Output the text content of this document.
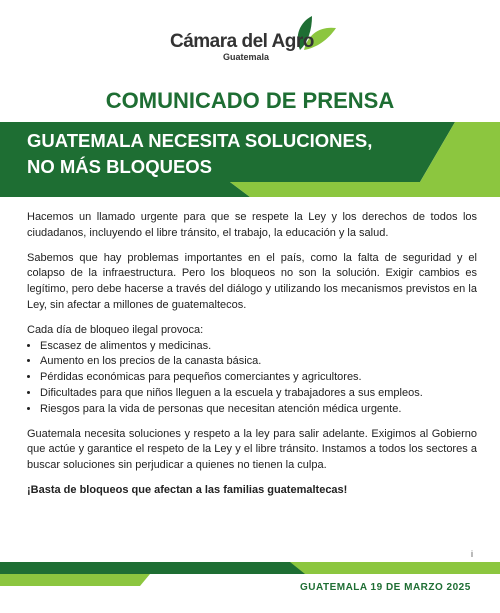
Cámara del Agro
Guatemala
COMUNICADO DE PRENSA
GUATEMALA NECESITA SOLUCIONES,
NO MÁS BLOQUEOS

Hacemos un llamado urgente para que se respete la Ley y los derechos de todos los ciudadanos, incluyendo el libre tránsito, el trabajo, la educación y la salud.

Sabemos que hay problemas importantes en el país, como la falta de seguridad y el colapso de la infraestructura. Pero los bloqueos no son la solución. Exigir cambios es legítimo, pero debe hacerse a través del diálogo y utilizando los mecanismos previstos en la Ley, sin afectar a millones de guatemaltecos.

Cada día de bloqueo ilegal provoca:
• Escasez de alimentos y medicinas.
• Aumento en los precios de la canasta básica.
• Pérdidas económicas para pequeños comerciantes y agricultores.
• Dificultades para que niños lleguen a la escuela y trabajadores a sus empleos.
• Riesgos para la vida de personas que necesitan atención médica urgente.

Guatemala necesita soluciones y respeto a la ley para salir adelante. Exigimos al Gobierno que actúe y garantice el respeto de la Ley y el libre tránsito. Instamos a todos los sectores a buscar soluciones sin perjudicar a quienes no tienen la culpa.

¡Basta de bloqueos que afectan a las familias guatemaltecas!
i
GUATEMALA 19 DE MARZO 2025
